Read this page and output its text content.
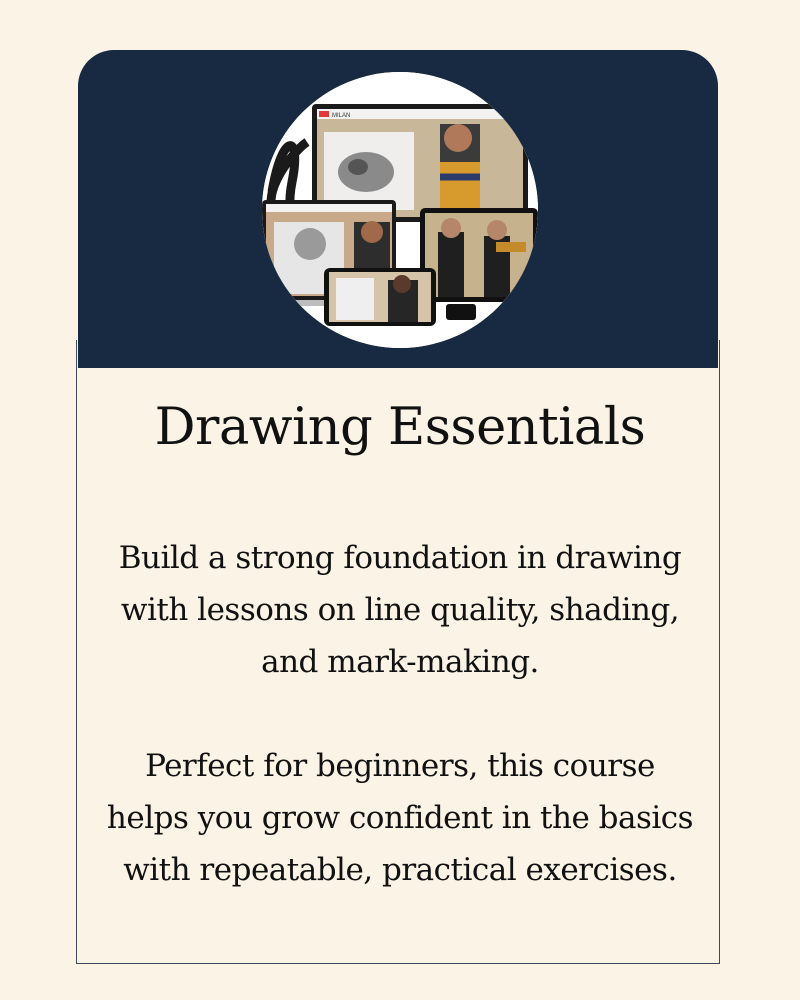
MILAN
Drawing Essentials
Build a strong foundation in drawing
with lessons on line quality, shading,
and mark-making.
Perfect for beginners, this course
helps you grow confident in the basics
with repeatable, practical exercises.
